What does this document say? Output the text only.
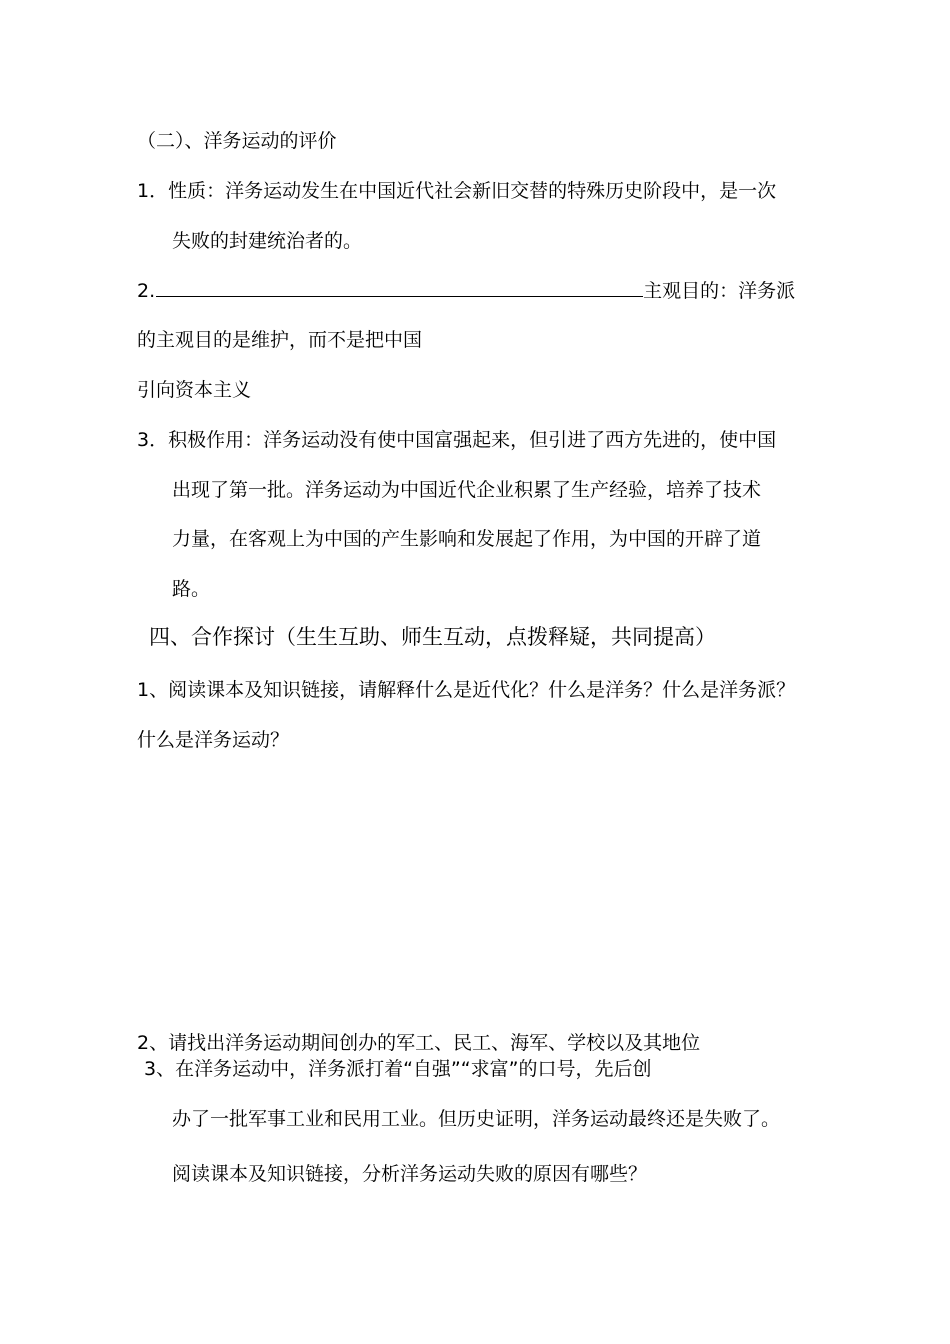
（二）、洋务运动的评价
1．性质：洋务运动发生在中国近代社会新旧交替的特殊历史阶段中，是一次
失败的封建统治者的。
2.	主观目的：洋务派
的主观目的是维护，而不是把中国
引向资本主义
3．积极作用：洋务运动没有使中国富强起来，但引进了西方先进的，使中国
出现了第一批。洋务运动为中国近代企业积累了生产经验，培养了技术
力量，在客观上为中国的产生影响和发展起了作用，为中国的开辟了道
路。
四、合作探讨（生生互助、师生互动，点拨释疑，共同提高）
1、阅读课本及知识链接，请解释什么是近代化？什么是洋务？什么是洋务派？
什么是洋务运动？
2、请找出洋务运动期间创办的军工、民工、海军、学校以及其地位
3、在洋务运动中，洋务派打着“自强”“求富”的口号，先后创
办了一批军事工业和民用工业。但历史证明，洋务运动最终还是失败了。
阅读课本及知识链接，分析洋务运动失败的原因有哪些？
